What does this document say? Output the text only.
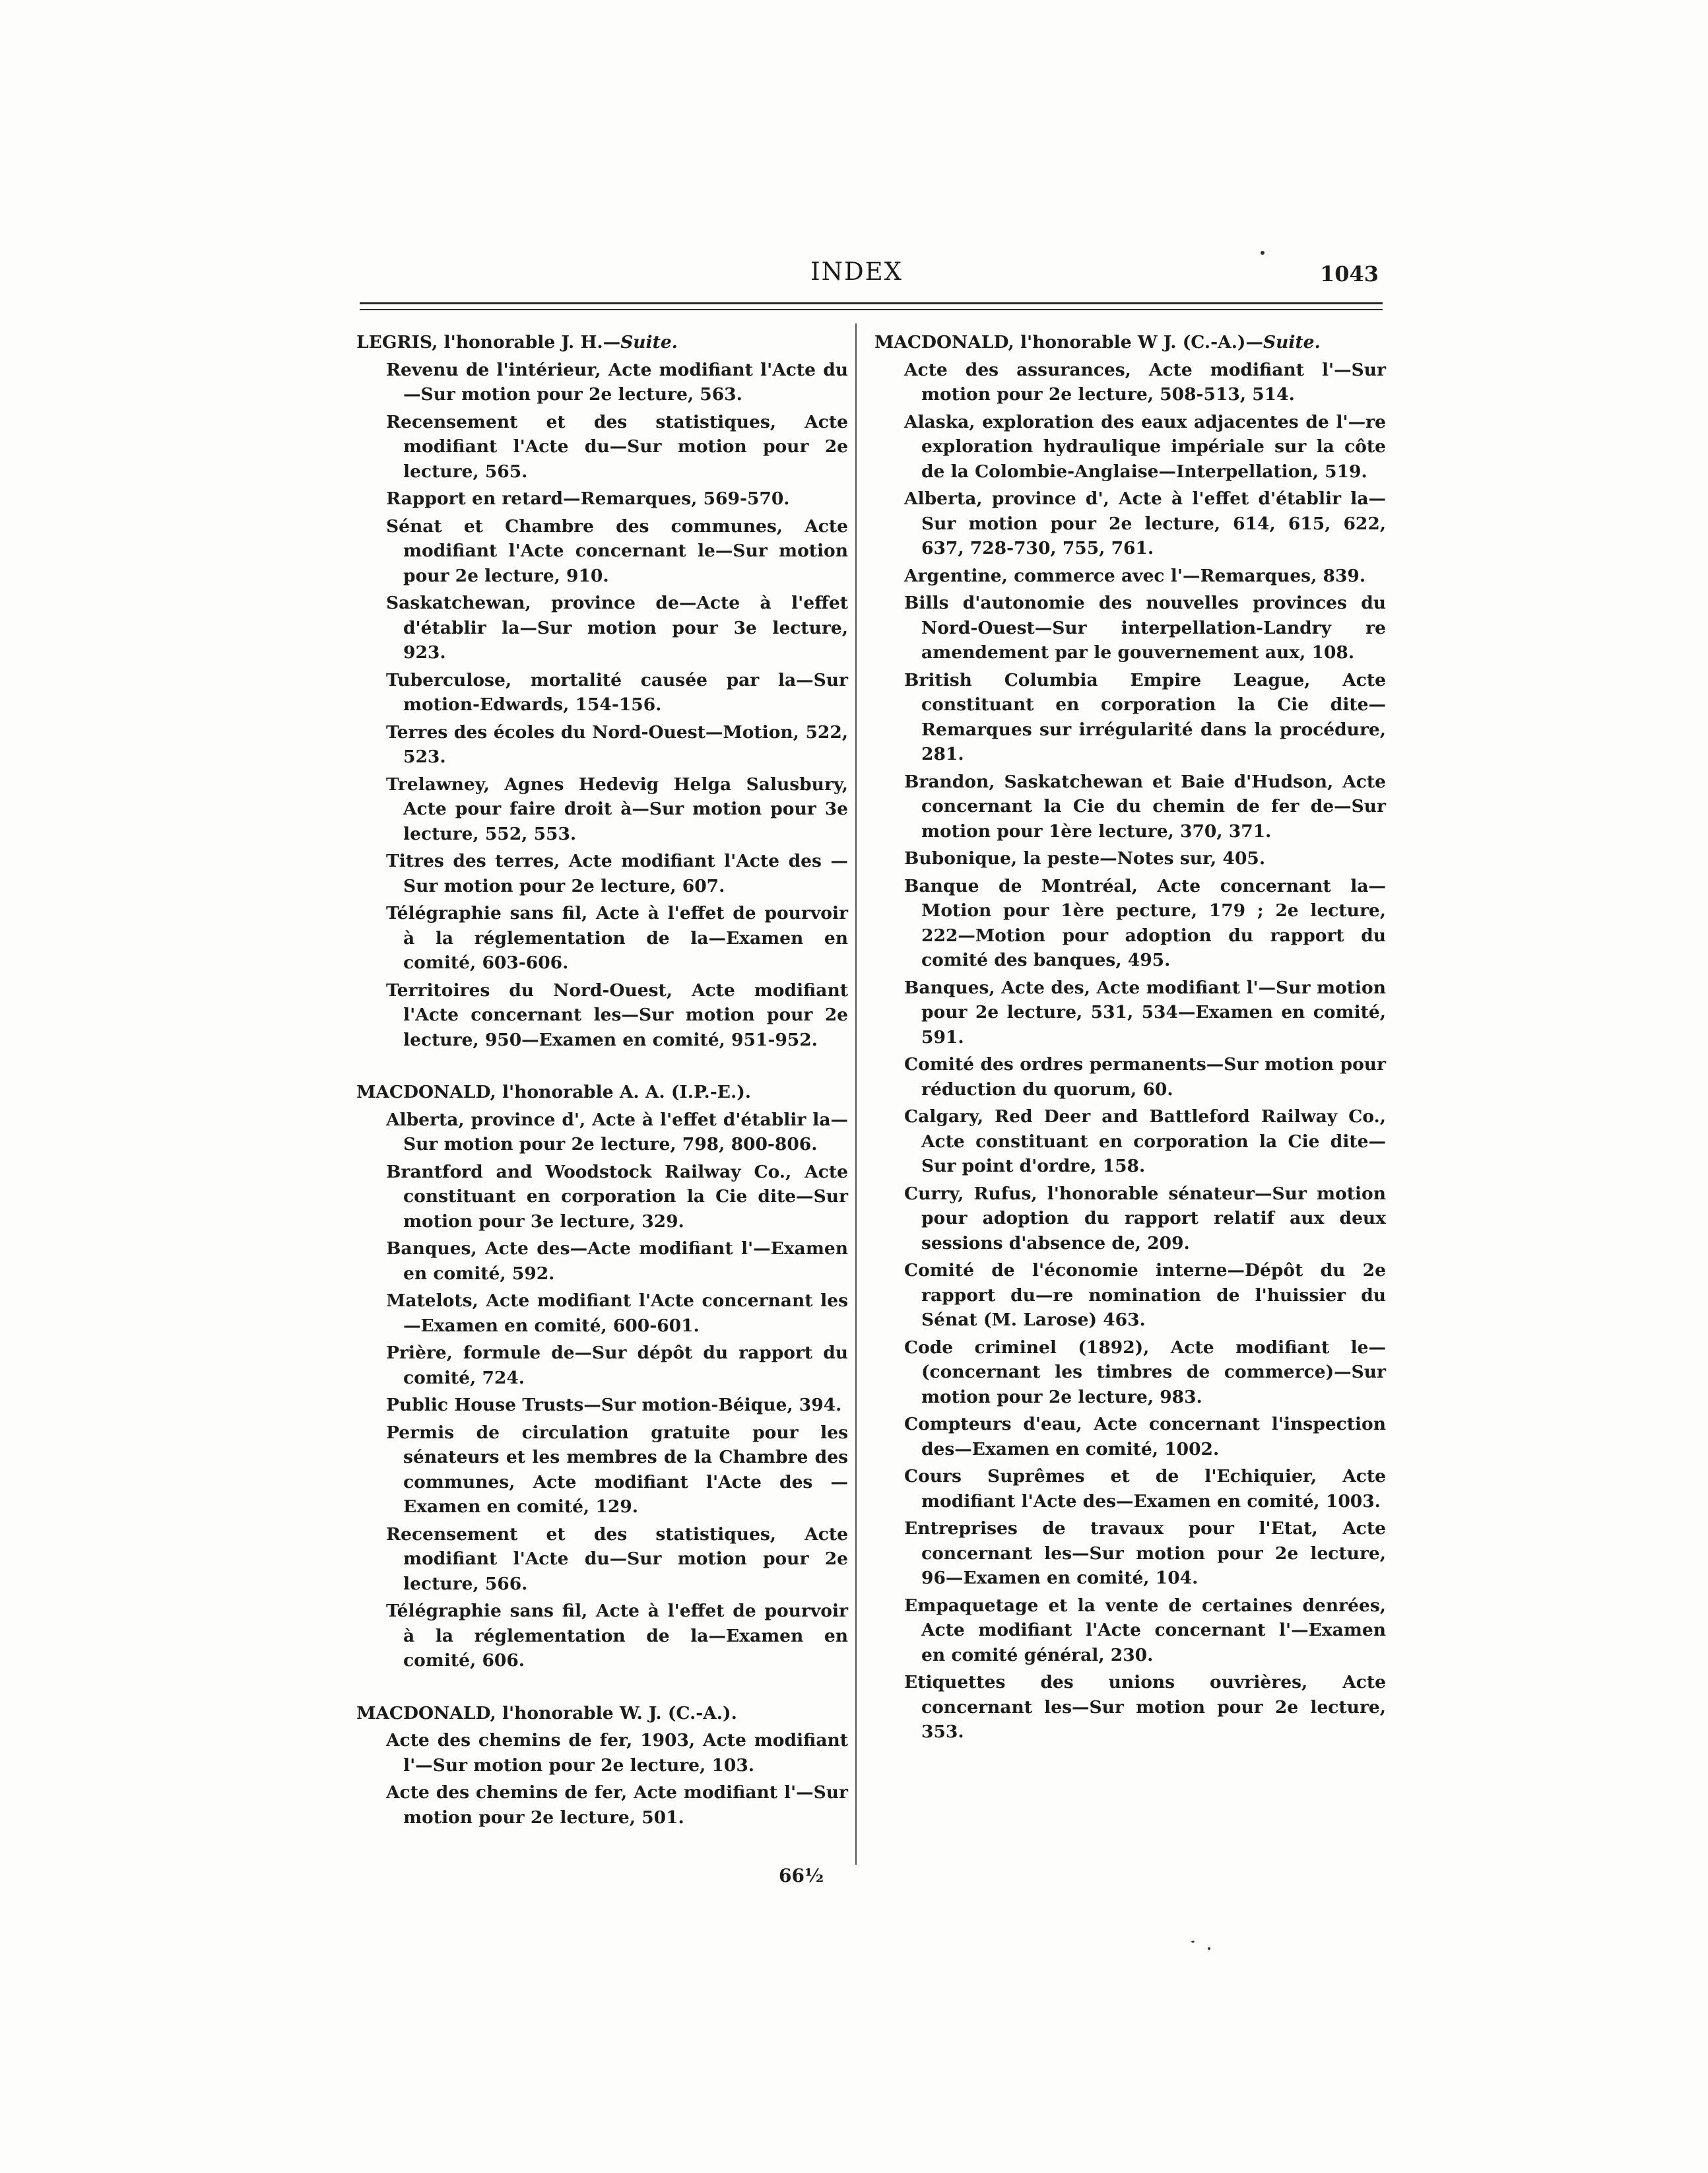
INDEX	1043
LEGRIS, l'honorable J. H.—Suite.
Revenu de l'intérieur, Acte modifiant l'Acte du—Sur motion pour 2e lecture, 563.
Recensement et des statistiques, Acte modifiant l'Acte du—Sur motion pour 2e lecture, 565.
Rapport en retard—Remarques, 569-570.
Sénat et Chambre des communes, Acte modifiant l'Acte concernant le—Sur motion pour 2e lecture, 910.
Saskatchewan, province de—Acte à l'effet d'établir la—Sur motion pour 3e lecture, 923.
Tuberculose, mortalité causée par la—Sur motion-Edwards, 154-156.
Terres des écoles du Nord-Ouest—Motion, 522, 523.
Trelawney, Agnes Hedevig Helga Salusbury, Acte pour faire droit à—Sur motion pour 3e lecture, 552, 553.
Titres des terres, Acte modifiant l'Acte des —Sur motion pour 2e lecture, 607.
Télégraphie sans fil, Acte à l'effet de pourvoir à la réglementation de la—Examen en comité, 603-606.
Territoires du Nord-Ouest, Acte modifiant l'Acte concernant les—Sur motion pour 2e lecture, 950—Examen en comité, 951-952.
MACDONALD, l'honorable A. A. (I.P.-E.).
Alberta, province d', Acte à l'effet d'établir la—Sur motion pour 2e lecture, 798, 800-806.
Brantford and Woodstock Railway Co., Acte constituant en corporation la Cie dite—Sur motion pour 3e lecture, 329.
Banques, Acte des—Acte modifiant l'—Examen en comité, 592.
Matelots, Acte modifiant l'Acte concernant les—Examen en comité, 600-601.
Prière, formule de—Sur dépôt du rapport du comité, 724.
Public House Trusts—Sur motion-Béique, 394.
Permis de circulation gratuite pour les sénateurs et les membres de la Chambre des communes, Acte modifiant l'Acte des —Examen en comité, 129.
Recensement et des statistiques, Acte modifiant l'Acte du—Sur motion pour 2e lecture, 566.
Télégraphie sans fil, Acte à l'effet de pourvoir à la réglementation de la—Examen en comité, 606.
MACDONALD, l'honorable W. J. (C.-A.).
Acte des chemins de fer, 1903, Acte modifiant l'—Sur motion pour 2e lecture, 103.
Acte des chemins de fer, Acte modifiant l'—Sur motion pour 2e lecture, 501.
MACDONALD, l'honorable W J. (C.-A.)—Suite.
Acte des assurances, Acte modifiant l'—Sur motion pour 2e lecture, 508-513, 514.
Alaska, exploration des eaux adjacentes de l'—re exploration hydraulique impériale sur la côte de la Colombie-Anglaise—Interpellation, 519.
Alberta, province d', Acte à l'effet d'établir la—Sur motion pour 2e lecture, 614, 615, 622, 637, 728-730, 755, 761.
Argentine, commerce avec l'—Remarques, 839.
Bills d'autonomie des nouvelles provinces du Nord-Ouest—Sur interpellation-Landry re amendement par le gouvernement aux, 108.
British Columbia Empire League, Acte constituant en corporation la Cie dite—Remarques sur irrégularité dans la procédure, 281.
Brandon, Saskatchewan et Baie d'Hudson, Acte concernant la Cie du chemin de fer de—Sur motion pour 1ère lecture, 370, 371.
Bubonique, la peste—Notes sur, 405.
Banque de Montréal, Acte concernant la—Motion pour 1ère pecture, 179 ; 2e lecture, 222—Motion pour adoption du rapport du comité des banques, 495.
Banques, Acte des, Acte modifiant l'—Sur motion pour 2e lecture, 531, 534—Examen en comité, 591.
Comité des ordres permanents—Sur motion pour réduction du quorum, 60.
Calgary, Red Deer and Battleford Railway Co., Acte constituant en corporation la Cie dite—Sur point d'ordre, 158.
Curry, Rufus, l'honorable sénateur—Sur motion pour adoption du rapport relatif aux deux sessions d'absence de, 209.
Comité de l'économie interne—Dépôt du 2e rapport du—re nomination de l'huissier du Sénat (M. Larose) 463.
Code criminel (1892), Acte modifiant le—(concernant les timbres de commerce)—Sur motion pour 2e lecture, 983.
Compteurs d'eau, Acte concernant l'inspection des—Examen en comité, 1002.
Cours Suprêmes et de l'Echiquier, Acte modifiant l'Acte des—Examen en comité, 1003.
Entreprises de travaux pour l'Etat, Acte concernant les—Sur motion pour 2e lecture, 96—Examen en comité, 104.
Empaquetage et la vente de certaines denrées, Acte modifiant l'Acte concernant l'—Examen en comité général, 230.
Etiquettes des unions ouvrières, Acte concernant les—Sur motion pour 2e lecture, 353.
66½
